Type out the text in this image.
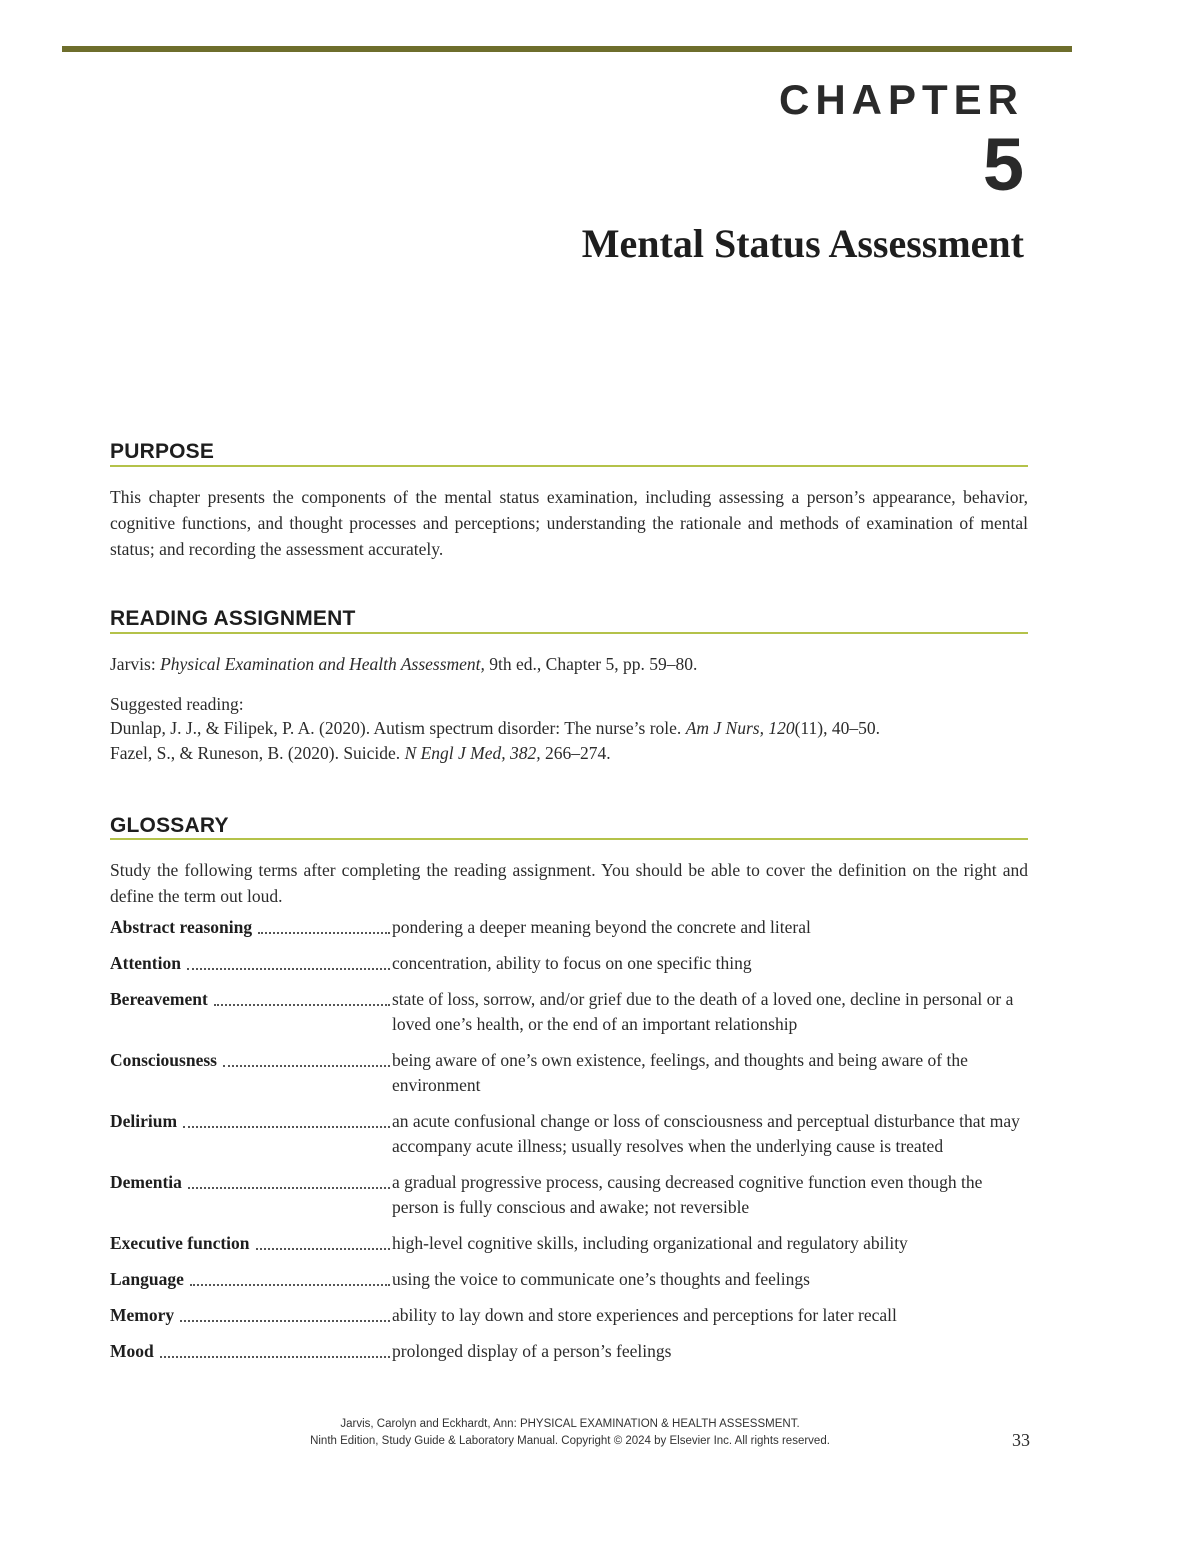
CHAPTER
5
Mental Status Assessment
PURPOSE

This chapter presents the components of the mental status examination, including assessing a person’s appearance, behavior, cognitive functions, and thought processes and perceptions; understanding the rationale and methods of examination of mental status; and recording the assessment accurately.

READING ASSIGNMENT

Jarvis: Physical Examination and Health Assessment, 9th ed., Chapter 5, pp. 59–80.

Suggested reading:

Dunlap, J. J., & Filipek, P. A. (2020). Autism spectrum disorder: The nurse’s role. Am J Nurs, 120(11), 40–50.

Fazel, S., & Runeson, B. (2020). Suicide. N Engl J Med, 382, 266–274.

GLOSSARY

Study the following terms after completing the reading assignment. You should be able to cover the definition on the right and define the term out loud.

Abstract reasoning	pondering a deeper meaning beyond the concrete and literal
Attention	concentration, ability to focus on one specific thing
Bereavement	state of loss, sorrow, and/or grief due to the death of a loved one, decline in personal or a loved one’s health, or the end of an important relationship
Consciousness	being aware of one’s own existence, feelings, and thoughts and being aware of the environment
Delirium	an acute confusional change or loss of consciousness and perceptual disturbance that may accompany acute illness; usually resolves when the underlying cause is treated
Dementia	a gradual progressive process, causing decreased cognitive function even though the person is fully conscious and awake; not reversible
Executive function	high-level cognitive skills, including organizational and regulatory ability
Language	using the voice to communicate one’s thoughts and feelings
Memory	ability to lay down and store experiences and perceptions for later recall
Mood	prolonged display of a person’s feelings
Jarvis, Carolyn and Eckhardt, Ann: PHYSICAL EXAMINATION & HEALTH ASSESSMENT.
Ninth Edition, Study Guide & Laboratory Manual. Copyright © 2024 by Elsevier Inc. All rights reserved.	33
